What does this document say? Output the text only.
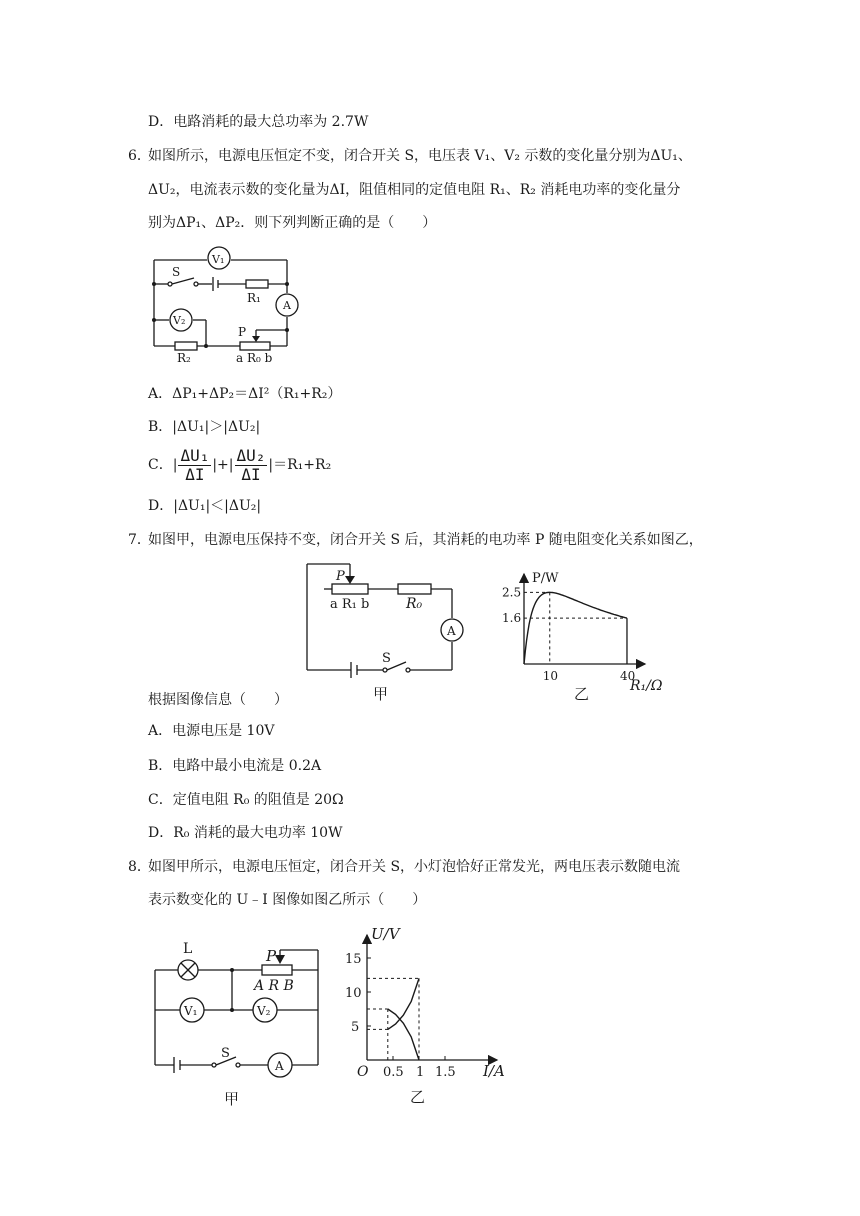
D．电路消耗的最大总功率为 2.7W
6．
如图所示，电源电压恒定不变，闭合开关 S，电压表 V₁、V₂ 示数的变化量分别为ΔU₁、
ΔU₂，电流表示数的变化量为ΔI，阻值相同的定值电阻 R₁、R₂ 消耗电功率的变化量分
别为ΔP₁、ΔP₂．则下列判断正确的是（　　）
S
V₁
R₁
A
V₂
P
R₂	a R₀ b
A．ΔP₁+ΔP₂＝ΔI²（R₁+R₂）
B．|ΔU₁|＞|ΔU₂|
C．| $\frac{\text{ΔU₁}}{\Delta I}$ |+| $\frac{\text{ΔU₂}}{\Delta I} |=R_1+R_2$
D．|ΔU₁|＜|ΔU₂|
7．
如图甲，电源电压保持不变，闭合开关 S 后，其消耗的电功率 P 随电阻变化关系如图乙，
P
a R₁ b	R₀
A
S
甲
10	40
2.5
1.6
P/W
R₁/Ω
乙
根据图像信息（　　）
A．电源电压是 10V
B．电路中最小电流是 0.2A
C．定值电阻 R₀ 的阻值是 20Ω
D．R₀ 消耗的最大电功率 10W
8．
如图甲所示，电源电压恒定，闭合开关 S，小灯泡恰好正常发光，两电压表示数随电流
表示数变化的 U﹣I 图像如图乙所示（　　）
L	P
A R B
V₁	V₂
S
A
甲
O 0.5 1 1.5
15
10
5
U/V
I/A
乙
